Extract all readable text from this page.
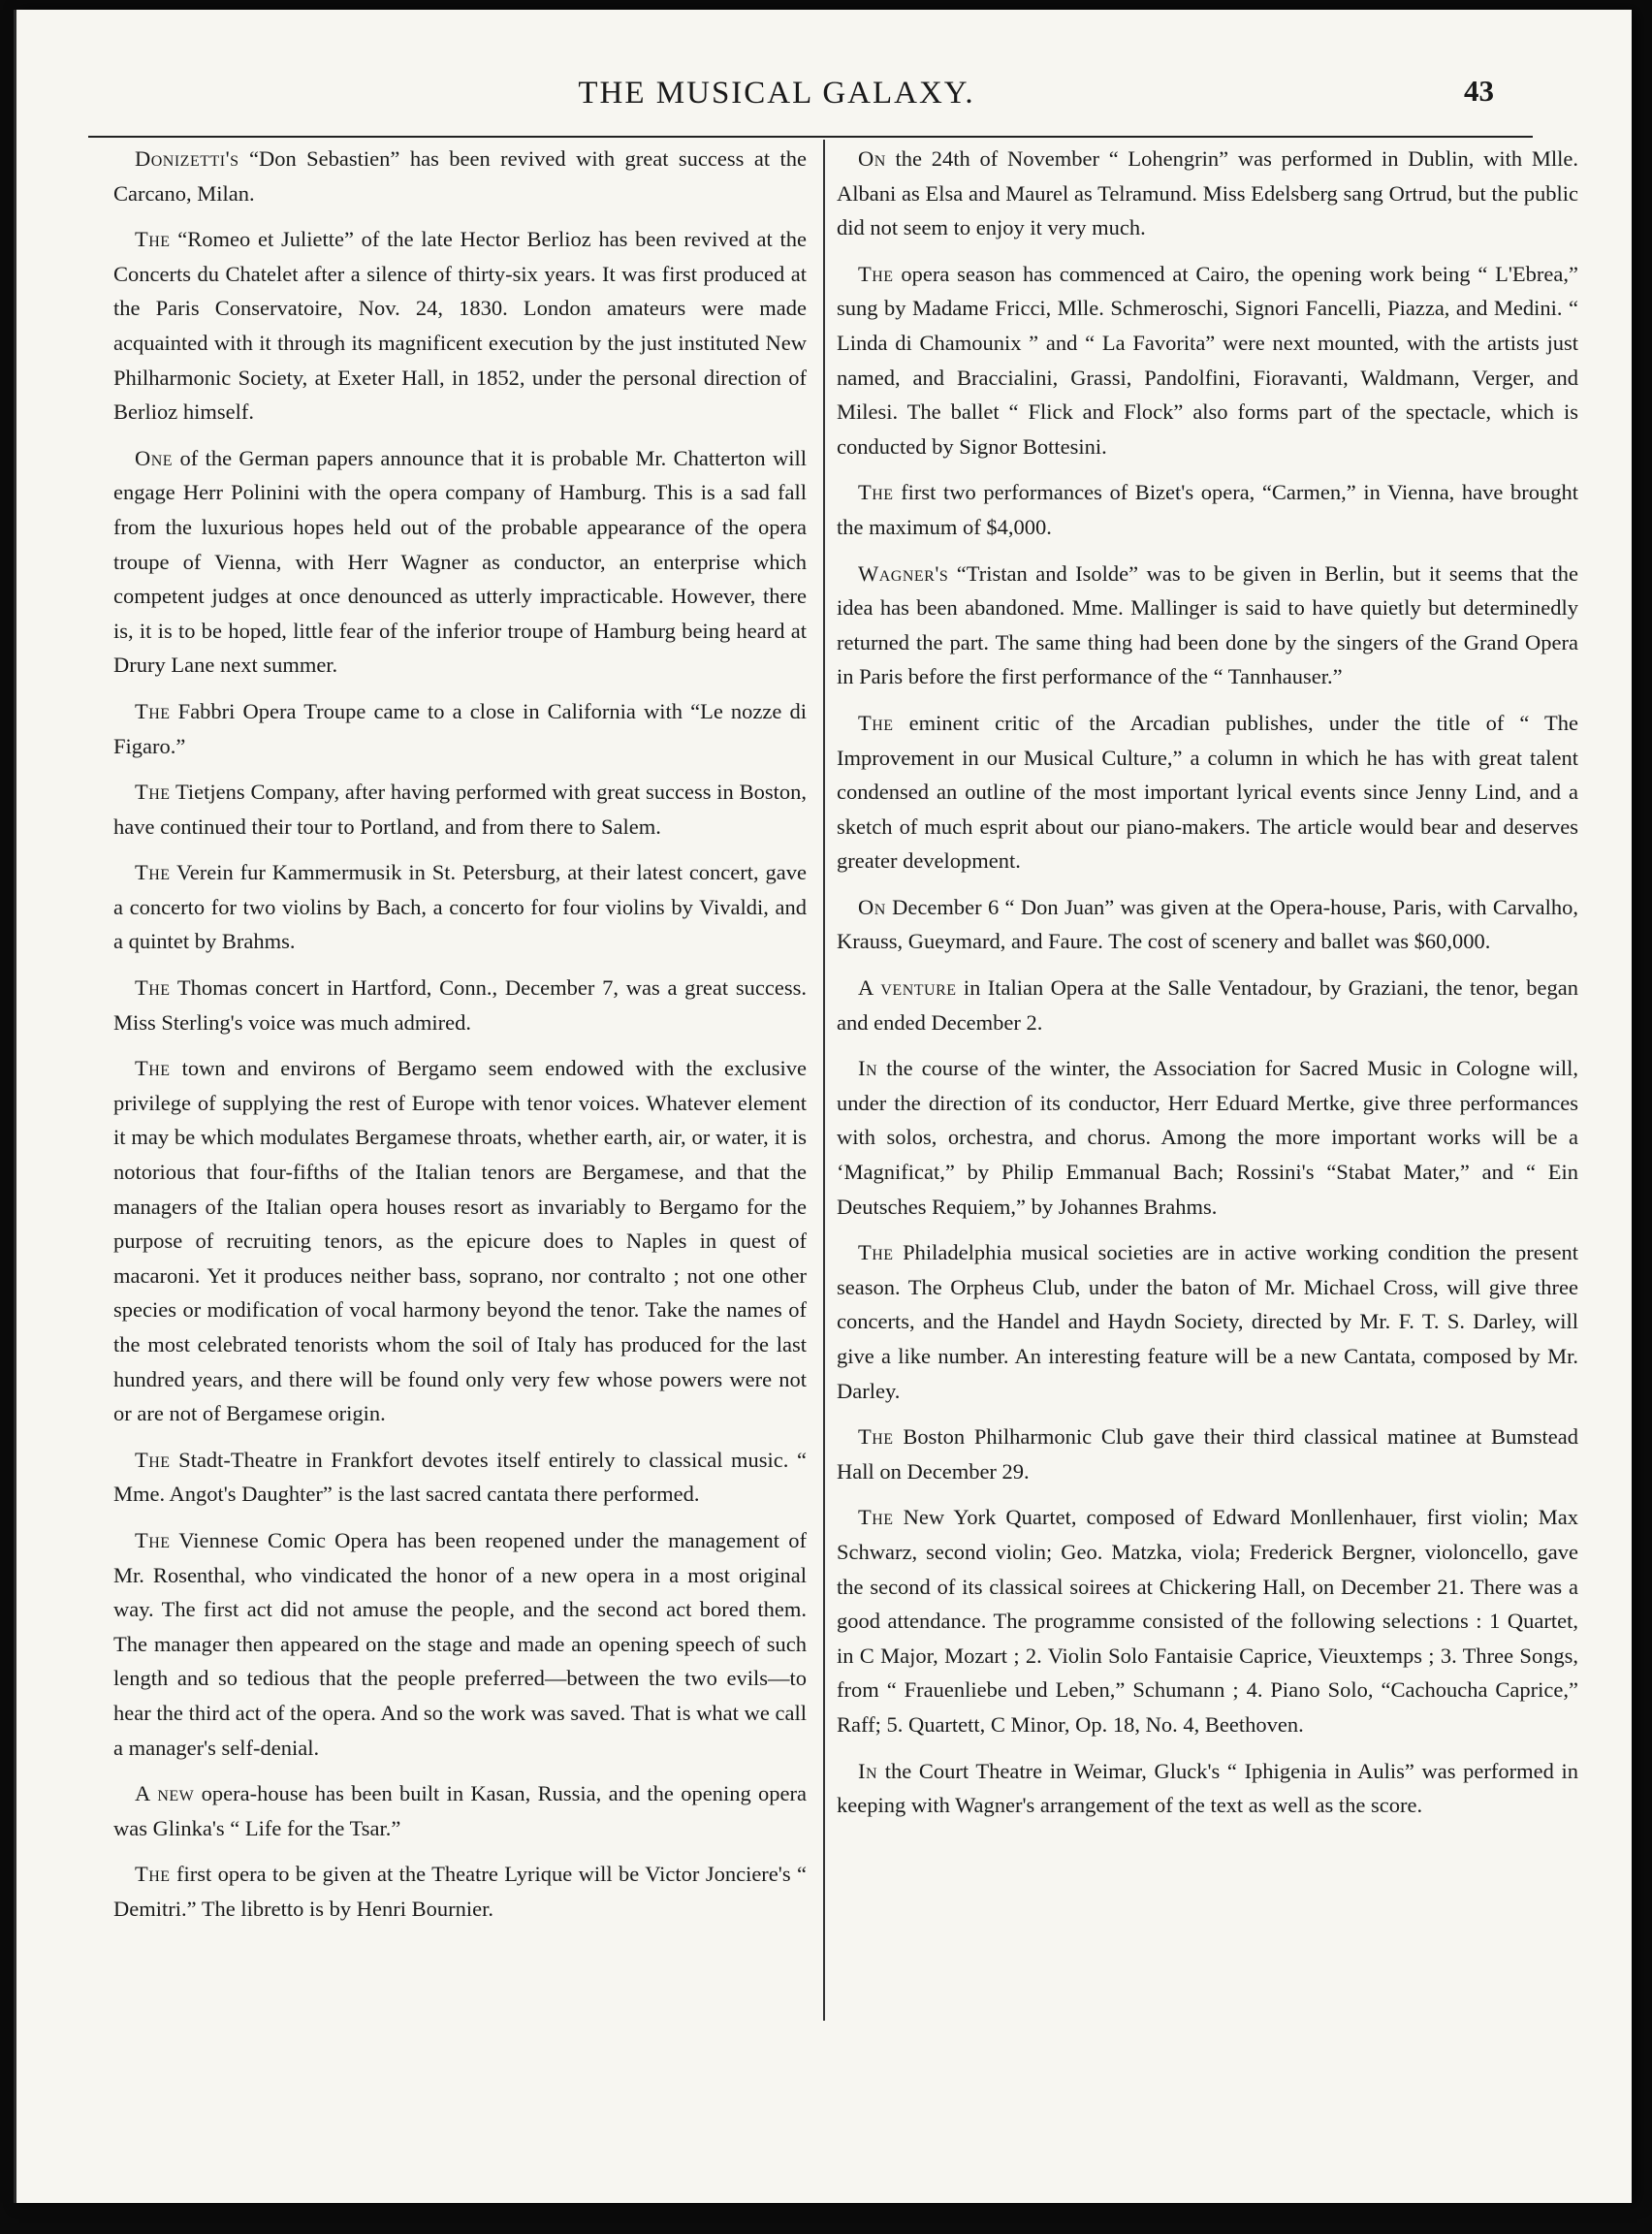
THE MUSICAL GALAXY.	43

Donizetti's “Don Sebastien” has been revived with great success at the Carcano, Milan.

The “Romeo et Juliette” of the late Hector Berlioz has been revived at the Concerts du Chatelet after a silence of thirty-six years. It was first produced at the Paris Conservatoire, Nov. 24, 1830. London amateurs were made acquainted with it through its magnificent execution by the just instituted New Philharmonic Society, at Exeter Hall, in 1852, under the personal direction of Berlioz himself.

One of the German papers announce that it is probable Mr. Chatterton will engage Herr Polinini with the opera company of Hamburg. This is a sad fall from the luxurious hopes held out of the probable appearance of the opera troupe of Vienna, with Herr Wagner as conductor, an enterprise which competent judges at once denounced as utterly impracticable. However, there is, it is to be hoped, little fear of the inferior troupe of Hamburg being heard at Drury Lane next summer.

The Fabbri Opera Troupe came to a close in California with “Le nozze di Figaro.”

The Tietjens Company, after having performed with great success in Boston, have continued their tour to Portland, and from there to Salem.

The Verein fur Kammermusik in St. Petersburg, at their latest concert, gave a concerto for two violins by Bach, a concerto for four violins by Vivaldi, and a quintet by Brahms.

The Thomas concert in Hartford, Conn., December 7, was a great success. Miss Sterling's voice was much admired.

The town and environs of Bergamo seem endowed with the exclusive privilege of supplying the rest of Europe with tenor voices. Whatever element it may be which modulates Bergamese throats, whether earth, air, or water, it is notorious that four-fifths of the Italian tenors are Bergamese, and that the managers of the Italian opera houses resort as invariably to Bergamo for the purpose of recruiting tenors, as the epicure does to Naples in quest of macaroni. Yet it produces neither bass, soprano, nor contralto ; not one other species or modification of vocal harmony beyond the tenor. Take the names of the most celebrated tenorists whom the soil of Italy has produced for the last hundred years, and there will be found only very few whose powers were not or are not of Bergamese origin.

The Stadt-Theatre in Frankfort devotes itself entirely to classical music. “ Mme. Angot's Daughter” is the last sacred cantata there performed.

The Viennese Comic Opera has been reopened under the management of Mr. Rosenthal, who vindicated the honor of a new opera in a most original way. The first act did not amuse the people, and the second act bored them. The manager then appeared on the stage and made an opening speech of such length and so tedious that the people preferred—between the two evils—to hear the third act of the opera. And so the work was saved. That is what we call a manager's self-denial.

A new opera-house has been built in Kasan, Russia, and the opening opera was Glinka's “ Life for the Tsar.”

The first opera to be given at the Theatre Lyrique will be Victor Jonciere's “ Demitri.” The libretto is by Henri Bournier.

On the 24th of November “ Lohengrin” was performed in Dublin, with Mlle. Albani as Elsa and Maurel as Telramund. Miss Edelsberg sang Ortrud, but the public did not seem to enjoy it very much.

The opera season has commenced at Cairo, the opening work being “ L'Ebrea,” sung by Madame Fricci, Mlle. Schmeroschi, Signori Fancelli, Piazza, and Medini. “ Linda di Chamounix ” and “ La Favorita” were next mounted, with the artists just named, and Braccialini, Grassi, Pandolfini, Fioravanti, Waldmann, Verger, and Milesi. The ballet “ Flick and Flock” also forms part of the spectacle, which is conducted by Signor Bottesini.

The first two performances of Bizet's opera, “Carmen,” in Vienna, have brought the maximum of $4,000.

Wagner's “Tristan and Isolde” was to be given in Berlin, but it seems that the idea has been abandoned. Mme. Mallinger is said to have quietly but determinedly returned the part. The same thing had been done by the singers of the Grand Opera in Paris before the first performance of the “ Tannhauser.”

The eminent critic of the Arcadian publishes, under the title of “ The Improvement in our Musical Culture,” a column in which he has with great talent condensed an outline of the most important lyrical events since Jenny Lind, and a sketch of much esprit about our piano-makers. The article would bear and deserves greater development.

On December 6 “ Don Juan” was given at the Opera-house, Paris, with Carvalho, Krauss, Gueymard, and Faure. The cost of scenery and ballet was $60,000.

A venture in Italian Opera at the Salle Ventadour, by Graziani, the tenor, began and ended December 2.

In the course of the winter, the Association for Sacred Music in Cologne will, under the direction of its conductor, Herr Eduard Mertke, give three performances with solos, orchestra, and chorus. Among the more important works will be a ‘Magnificat,” by Philip Emmanual Bach; Rossini's “Stabat Mater,” and “ Ein Deutsches Requiem,” by Johannes Brahms.

The Philadelphia musical societies are in active working condition the present season. The Orpheus Club, under the baton of Mr. Michael Cross, will give three concerts, and the Handel and Haydn Society, directed by Mr. F. T. S. Darley, will give a like number. An interesting feature will be a new Cantata, composed by Mr. Darley.

The Boston Philharmonic Club gave their third classical matinee at Bumstead Hall on December 29.

The New York Quartet, composed of Edward Monllenhauer, first violin; Max Schwarz, second violin; Geo. Matzka, viola; Frederick Bergner, violoncello, gave the second of its classical soirees at Chickering Hall, on December 21. There was a good attendance. The programme consisted of the following selections : 1 Quartet, in C Major, Mozart ; 2. Violin Solo Fantaisie Caprice, Vieuxtemps ; 3. Three Songs, from “ Frauenliebe und Leben,” Schumann ; 4. Piano Solo, “Cachoucha Caprice,” Raff; 5. Quartett, C Minor, Op. 18, No. 4, Beethoven.

In the Court Theatre in Weimar, Gluck's “ Iphigenia in Aulis” was performed in keeping with Wagner's arrangement of the text as well as the score.
